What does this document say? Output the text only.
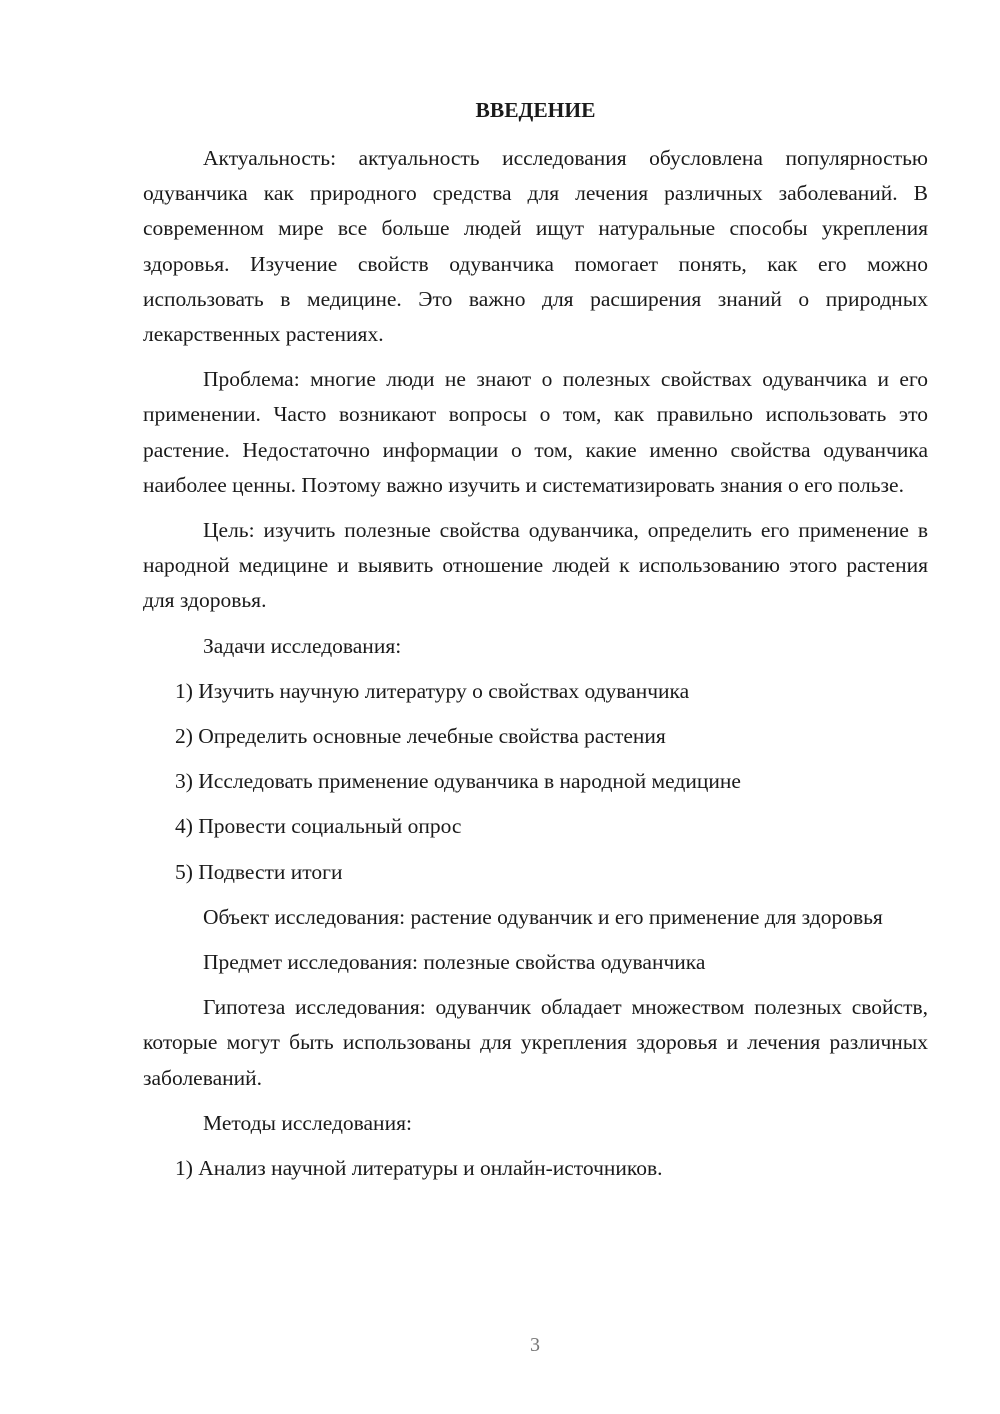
ВВЕДЕНИЕ

Актуальность: актуальность исследования обусловлена популярностью одуванчика как природного средства для лечения различных заболеваний. В современном мире все больше людей ищут натуральные способы укрепления здоровья. Изучение свойств одуванчика помогает понять, как его можно использовать в медицине. Это важно для расширения знаний о природных лекарственных растениях.

Проблема: многие люди не знают о полезных свойствах одуванчика и его применении. Часто возникают вопросы о том, как правильно использовать это растение. Недостаточно информации о том, какие именно свойства одуванчика наиболее ценны. Поэтому важно изучить и систематизировать знания о его пользе.

Цель: изучить полезные свойства одуванчика, определить его применение в народной медицине и выявить отношение людей к использованию этого растения для здоровья.

Задачи исследования:

1) Изучить научную литературу о свойствах одуванчика

2) Определить основные лечебные свойства растения

3) Исследовать применение одуванчика в народной медицине

4) Провести социальный опрос

5) Подвести итоги

Объект исследования: растение одуванчик и его применение для здоровья

Предмет исследования: полезные свойства одуванчика

Гипотеза исследования: одуванчик обладает множеством полезных свойств, которые могут быть использованы для укрепления здоровья и лечения различных заболеваний.

Методы исследования:

1) Анализ научной литературы и онлайн-источников.

3
